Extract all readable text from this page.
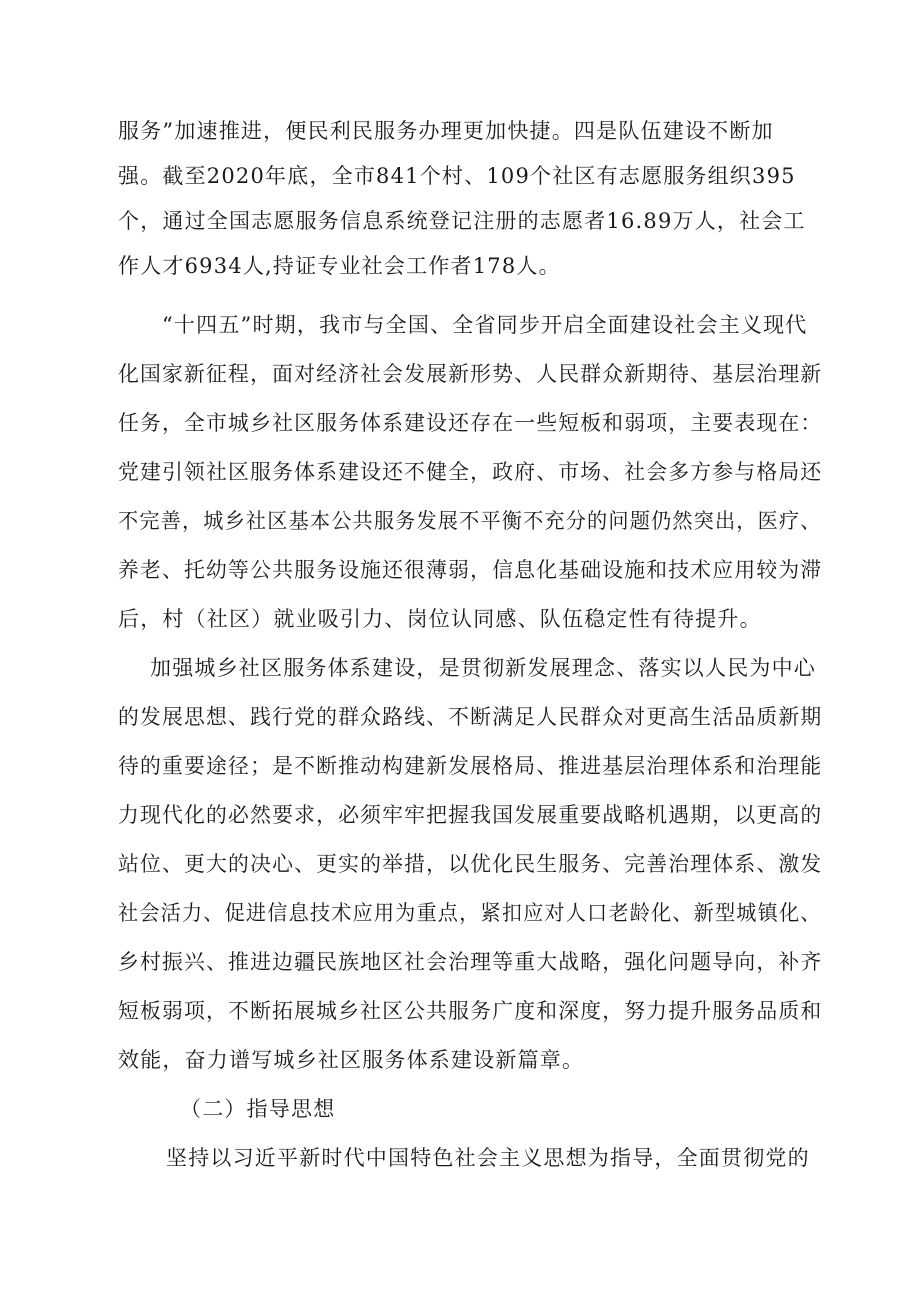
服务”加速推进，便民利民服务办理更加快捷。四是队伍建设不断加
强。截至2020年底，全市841个村、109个社区有志愿服务组织395
个，通过全国志愿服务信息系统登记注册的志愿者16.89万人，社会工
作人才6934人,持证专业社会工作者178人。
“十四五”时期，我市与全国、全省同步开启全面建设社会主义现代
化国家新征程，面对经济社会发展新形势、人民群众新期待、基层治理新
任务，全市城乡社区服务体系建设还存在一些短板和弱项，主要表现在：
党建引领社区服务体系建设还不健全，政府、市场、社会多方参与格局还
不完善，城乡社区基本公共服务发展不平衡不充分的问题仍然突出，医疗、
养老、托幼等公共服务设施还很薄弱，信息化基础设施和技术应用较为滞
后，村（社区）就业吸引力、岗位认同感、队伍稳定性有待提升。
加强城乡社区服务体系建设，是贯彻新发展理念、落实以人民为中心
的发展思想、践行党的群众路线、不断满足人民群众对更高生活品质新期
待的重要途径；是不断推动构建新发展格局、推进基层治理体系和治理能
力现代化的必然要求，必须牢牢把握我国发展重要战略机遇期，以更高的
站位、更大的决心、更实的举措，以优化民生服务、完善治理体系、激发
社会活力、促进信息技术应用为重点，紧扣应对人口老龄化、新型城镇化、
乡村振兴、推进边疆民族地区社会治理等重大战略，强化问题导向，补齐
短板弱项，不断拓展城乡社区公共服务广度和深度，努力提升服务品质和
效能，奋力谱写城乡社区服务体系建设新篇章。
（二）指导思想
坚持以习近平新时代中国特色社会主义思想为指导，全面贯彻党的
